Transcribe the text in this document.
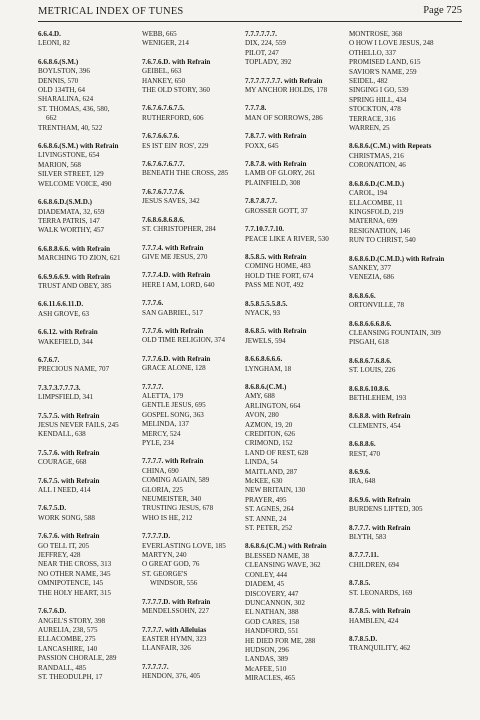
METRICAL INDEX OF TUNES	Page 725
6.6.4.D.
LEONI, 82
6.6.8.6.(S.M.)
BOYLSTON, 396
DENNIS, 570
OLD 134TH, 64
SHARALINA, 624
ST. THOMAS, 436, 580,
662
TRENTHAM, 40, 522
6.6.8.6.(S.M.) with Refrain
LIVINGSTONE, 654
MARION, 568
SILVER STREET, 129
WELCOME VOICE, 490
6.6.8.6.D.(S.M.D.)
DIADEMATA, 32, 659
TERRA PATRIS, 147
WALK WORTHY, 457
6.6.8.8.6.6. with Refrain
MARCHING TO ZION, 621
6.6.9.6.6.9. with Refrain
TRUST AND OBEY, 385
6.6.11.6.6.11.D.
ASH GROVE, 63
6.6.12. with Refrain
WAKEFIELD, 344
6.7.6.7.
PRECIOUS NAME, 707
7.3.7.3.7.7.7.3.
LIMPSFIELD, 341
7.5.7.5. with Refrain
JESUS NEVER FAILS, 245
KENDALL, 638
7.5.7.6. with Refrain
COURAGE, 668
7.6.7.5. with Refrain
ALL I NEED, 414
7.6.7.5.D.
WORK SONG, 588
7.6.7.6. with Refrain
GO TELL IT, 205
JEFFREY, 428
NEAR THE CROSS, 313
NO OTHER NAME, 345
OMNIPOTENCE, 145
THE HOLY HEART, 315
7.6.7.6.D.
ANGEL'S STORY, 398
AURELIA, 238, 575
ELLACOMBE, 275
LANCASHIRE, 140
PASSION CHORALE, 289
RANDALL, 485
ST. THEODULPH, 17
WEBB, 665
WENIGER, 214
7.6.7.6.D. with Refrain
GEIBEL, 663
HANKEY, 650
THE OLD STORY, 360
7.6.7.6.7.6.7.5.
RUTHERFORD, 606
7.6.7.6.6.7.6.
ES IST EIN' ROS', 229
7.6.7.6.7.6.7.7.
BENEATH THE CROSS, 285
7.6.7.6.7.7.7.6.
JESUS SAVES, 342
7.6.8.6.8.6.8.6.
ST. CHRISTOPHER, 284
7.7.7.4. with Refrain
GIVE ME JESUS, 270
7.7.7.4.D. with Refrain
HERE I AM, LORD, 640
7.7.7.6.
SAN GABRIEL, 517
7.7.7.6. with Refrain
OLD TIME RELIGION, 374
7.7.7.6.D. with Refrain
GRACE ALONE, 128
7.7.7.7.
ALETTA, 179
GENTLE JESUS, 695
GOSPEL SONG, 363
MELINDA, 137
MERCY, 524
PYLE, 234
7.7.7.7. with Refrain
CHINA, 690
COMING AGAIN, 589
GLORIA, 225
NEUMEISTER, 340
TRUSTING JESUS, 678
WHO IS HE, 212
7.7.7.7.D.
EVERLASTING LOVE, 185
MARTYN, 240
O GREAT GOD, 76
ST. GEORGE'S
WINDSOR, 556
7.7.7.7.D. with Refrain
MENDELSSOHN, 227
7.7.7.7. with Alleluias
EASTER HYMN, 323
LLANFAIR, 326
7.7.7.7.7.
HENDON, 376, 405
7.7.7.7.7.7.
DIX, 224, 559
PILOT, 247
TOPLADY, 392
7.7.7.7.7.7.7. with Refrain
MY ANCHOR HOLDS, 178
7.7.7.8.
MAN OF SORROWS, 286
7.8.7.7. with Refrain
FOXX, 645
7.8.7.8. with Refrain
LAMB OF GLORY, 261
PLAINFIELD, 308
7.8.7.8.7.7.
GROSSER GOTT, 37
7.7.10.7.7.10.
PEACE LIKE A RIVER, 530
8.5.8.5. with Refrain
COMING HOME, 483
HOLD THE FORT, 674
PASS ME NOT, 492
8.5.8.5.5.5.8.5.
NYACK, 93
8.6.8.5. with Refrain
JEWELS, 594
8.6.6.8.6.6.6.
LYNGHAM, 18
8.6.8.6.(C.M.)
AMY, 688
ARLINGTON, 664
AVON, 280
AZMON, 19, 20
CREDITON, 626
CRIMOND, 152
LAND OF REST, 628
LINDA, 54
MAITLAND, 287
McKEE, 630
NEW BRITAIN, 130
PRAYER, 495
ST. AGNES, 264
ST. ANNE, 24
ST. PETER, 252
8.6.8.6.(C.M.) with Refrain
BLESSED NAME, 38
CLEANSING WAVE, 362
CONLEY, 444
DIADEM, 45
DISCOVERY, 447
DUNCANNON, 302
EL NATHAN, 388
GOD CARES, 158
HANDFORD, 551
HE DIED FOR ME, 288
HUDSON, 296
LANDAS, 389
McAFEE, 510
MIRACLES, 465
MONTROSE, 368
O HOW I LOVE JESUS, 248
OTHELLO, 337
PROMISED LAND, 615
SAVIOR'S NAME, 259
SEIDEL, 482
SINGING I GO, 539
SPRING HILL, 434
STOCKTON, 478
TERRACE, 316
WARREN, 25
8.6.8.6.(C.M.) with Repeats
CHRISTMAS, 216
CORONATION, 46
8.6.8.6.D.(C.M.D.)
CAROL, 194
ELLACOMBE, 11
KINGSFOLD, 219
MATERNA, 699
RESIGNATION, 146
RUN TO CHRIST, 540
8.6.8.6.D.(C.M.D.) with Refrain
SANKEY, 377
VENEZIA, 686
8.6.8.6.6.
ORTONVILLE, 78
8.6.8.6.6.6.8.6.
CLEANSING FOUNTAIN, 309
PISGAH, 618
8.6.8.6.7.6.8.6.
ST. LOUIS, 226
8.6.8.6.10.8.6.
BETHLEHEM, 193
8.6.8.8. with Refrain
CLEMENTS, 454
8.6.8.8.6.
REST, 470
8.6.9.6.
IRA, 648
8.6.9.6. with Refrain
BURDENS LIFTED, 305
8.7.7.7. with Refrain
BLYTH, 583
8.7.7.7.11.
CHILDREN, 694
8.7.8.5.
ST. LEONARDS, 169
8.7.8.5. with Refrain
HAMBLEN, 424
8.7.8.5.D.
TRANQUILITY, 462
